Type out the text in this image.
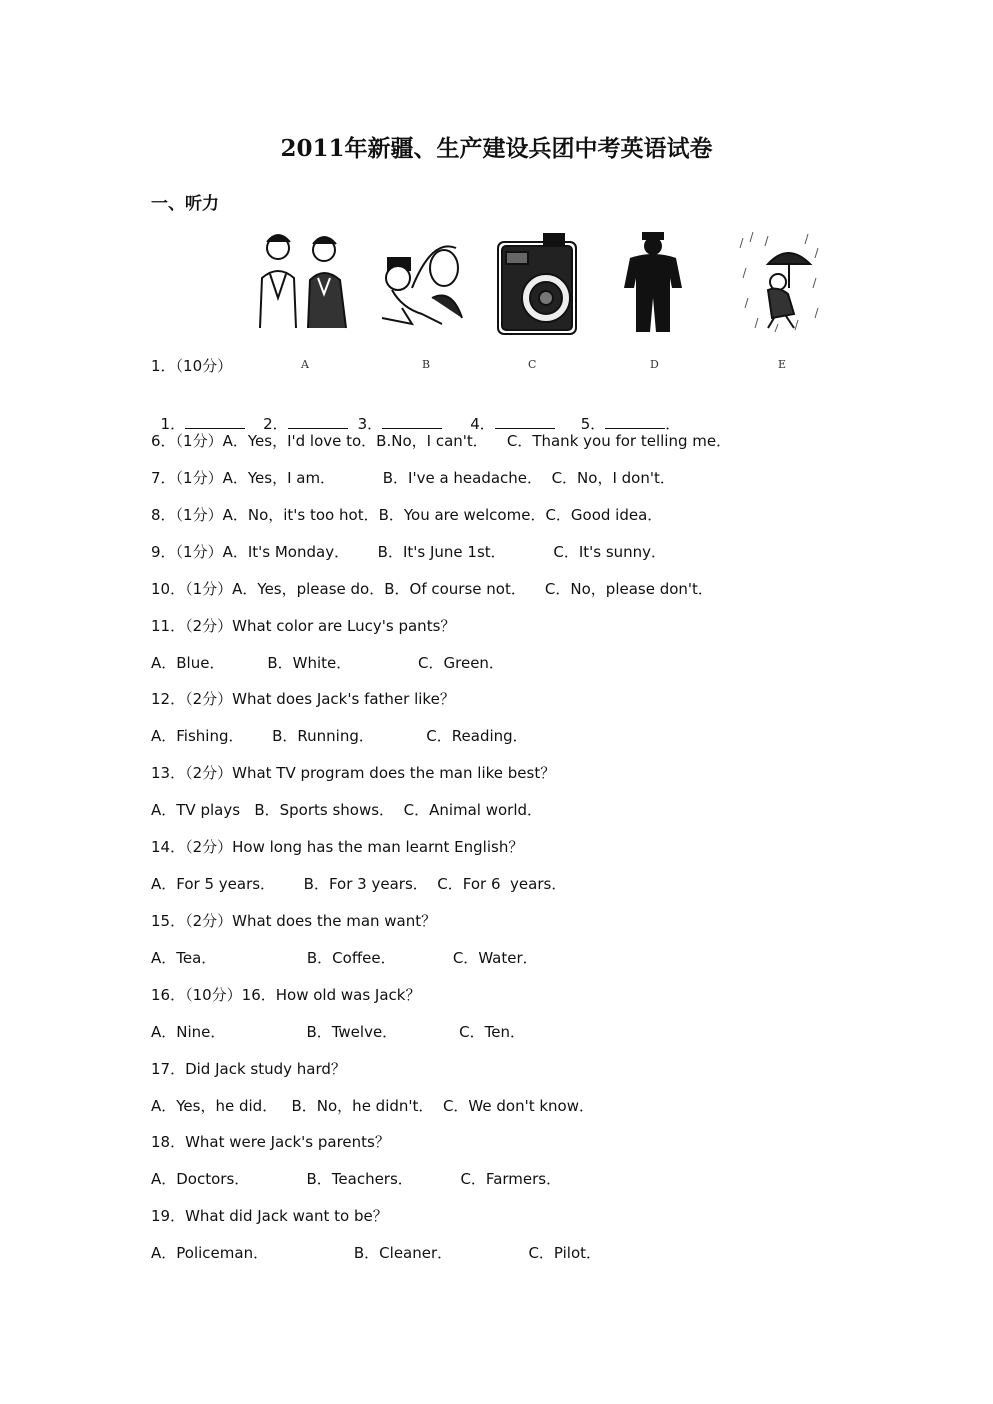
2011年新疆、生产建设兵团中考英语试卷
一、听力
A	B	C	D	E
1．（10分）

1．	2．	3．	4．	5．	．

6．（1分）A．Yes，I'd love to．B.No，I can't．    C．Thank you for telling me．
7．（1分）A．Yes，I am．          B．I've a headache．  C．No，I don't．
8．（1分）A．No，it's too hot．B．You are welcome．C．Good idea．
9．（1分）A．It's Monday．      B．It's June 1st．          C．It's sunny．
10．（1分）A．Yes，please do．B．Of course not．    C．No，please don't．
11．（2分）What color are Lucy's pants？
A．Blue．         B．White．              C．Green．
12．（2分）What does Jack's father like？
A．Fishing．      B．Running．           C．Reading．
13．（2分）What TV program does the man like best？
A．TV plays   B．Sports shows．  C．Animal world．
14．（2分）How long has the man learnt English？
A．For 5 years．      B．For 3 years．  C．For 6  years．
15．（2分）What does the man want？
A．Tea．                   B．Coffee．            C．Water．
16．（10分）16．How old was Jack？
A．Nine．                 B．Twelve．             C．Ten．
17．Did Jack study hard？
A．Yes，he did．   B．No，he didn't．  C．We don't know．
18．What were Jack's parents？
A．Doctors．            B．Teachers．          C．Farmers．
19．What did Jack want to be？
A．Policeman．                  B．Cleaner．                C．Pilot．
